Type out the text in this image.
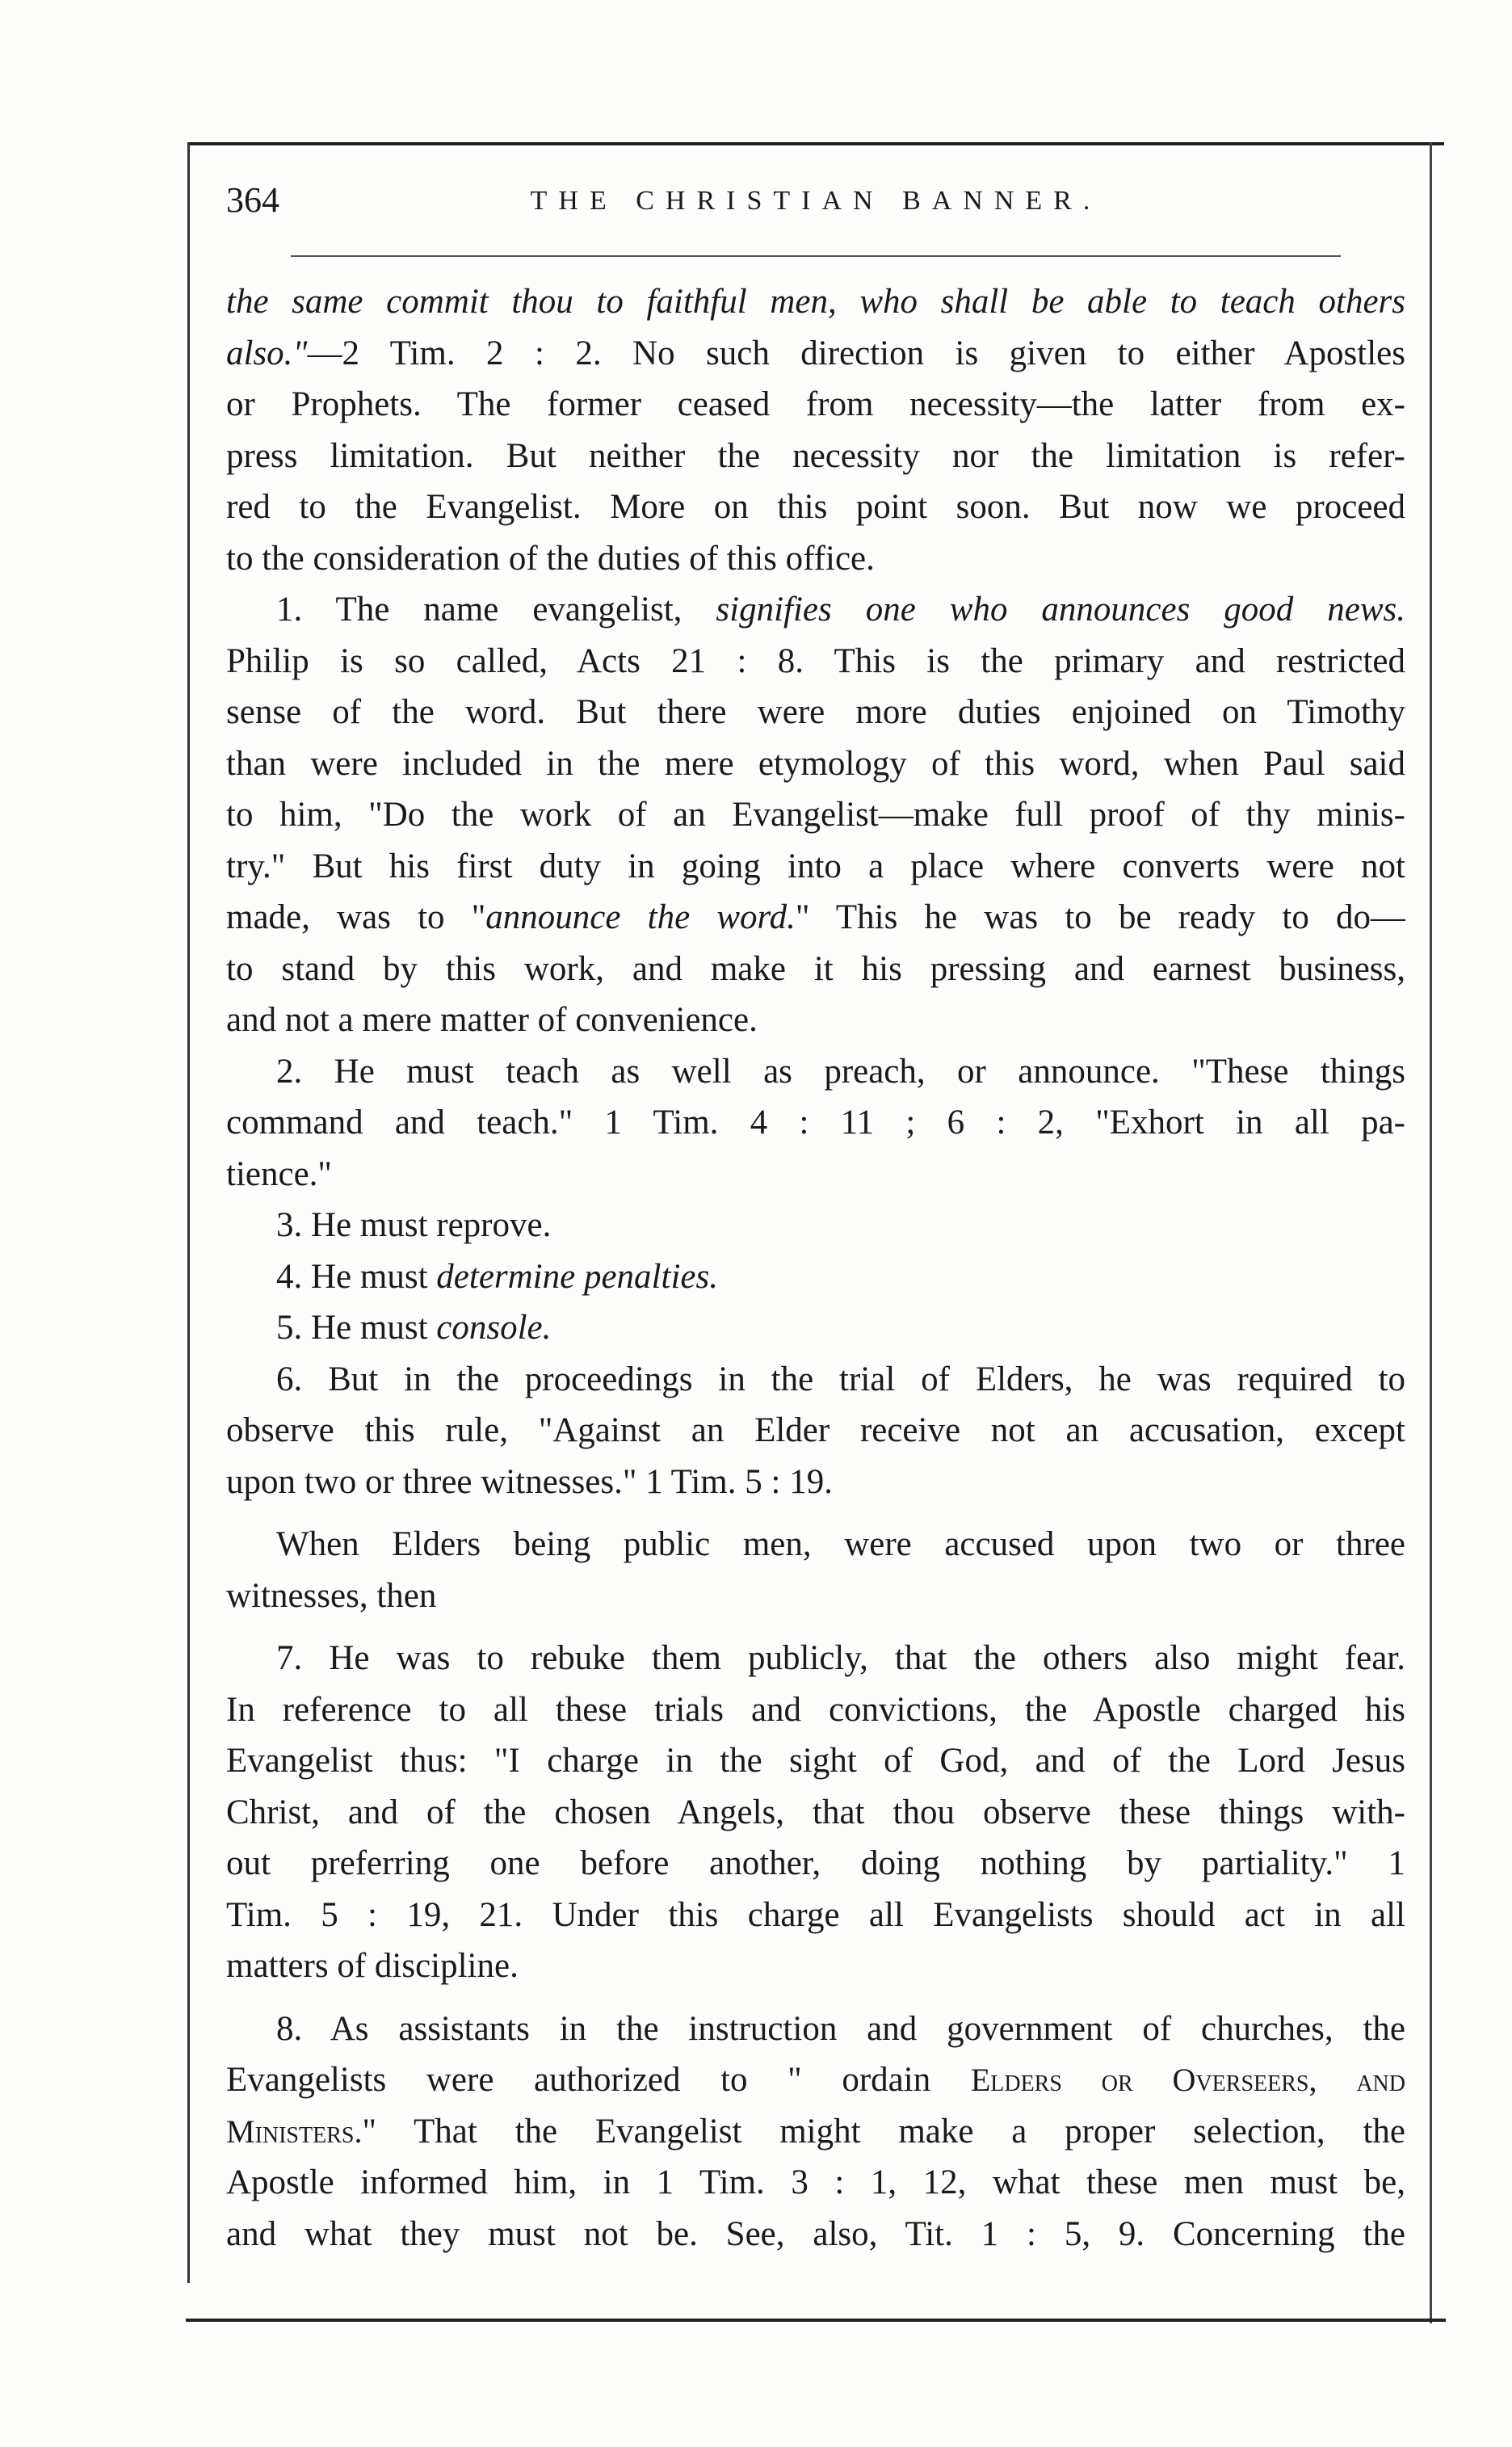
364	THE CHRISTIAN BANNER.
the same commit thou to faithful men, who shall be able to teach others
also."—2 Tim. 2 : 2. No such direction is given to either Apostles
or Prophets. The former ceased from necessity—the latter from ex-
press limitation. But neither the necessity nor the limitation is refer-
red to the Evangelist. More on this point soon. But now we proceed
to the consideration of the duties of this office.
1. The name evangelist, signifies one who announces good news.
Philip is so called, Acts 21 : 8. This is the primary and restricted
sense of the word. But there were more duties enjoined on Timothy
than were included in the mere etymology of this word, when Paul said
to him, "Do the work of an Evangelist—make full proof of thy minis-
try." But his first duty in going into a place where converts were not
made, was to "announce the word." This he was to be ready to do—
to stand by this work, and make it his pressing and earnest business,
and not a mere matter of convenience.
2. He must teach as well as preach, or announce. "These things
command and teach." 1 Tim. 4 : 11 ; 6 : 2, "Exhort in all pa-
tience."
3. He must reprove.
4. He must determine penalties.
5. He must console.
6. But in the proceedings in the trial of Elders, he was required to
observe this rule, "Against an Elder receive not an accusation, except
upon two or three witnesses." 1 Tim. 5 : 19.
When Elders being public men, were accused upon two or three
witnesses, then
7. He was to rebuke them publicly, that the others also might fear.
In reference to all these trials and convictions, the Apostle charged his
Evangelist thus: "I charge in the sight of God, and of the Lord Jesus
Christ, and of the chosen Angels, that thou observe these things with-
out preferring one before another, doing nothing by partiality." 1
Tim. 5 : 19, 21. Under this charge all Evangelists should act in all
matters of discipline.
8. As assistants in the instruction and government of churches, the
Evangelists were authorized to " ordain Elders or Overseers, and
Ministers." That the Evangelist might make a proper selection, the
Apostle informed him, in 1 Tim. 3 : 1, 12, what these men must be,
and what they must not be. See, also, Tit. 1 : 5, 9. Concerning the
